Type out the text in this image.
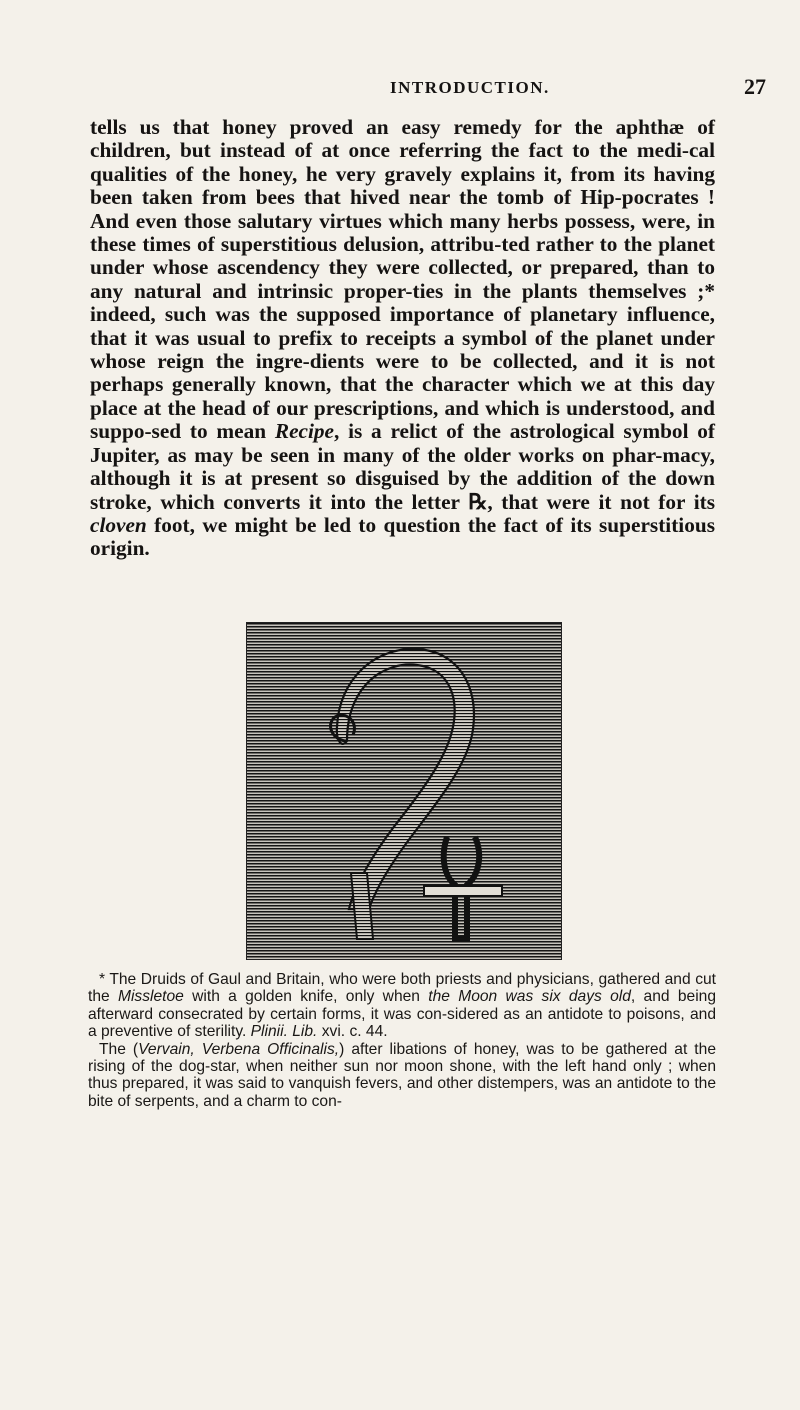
INTRODUCTION.	27

tells us that honey proved an easy remedy for the aphthæ of children, but instead of at once referring the fact to the medi-cal qualities of the honey, he very gravely explains it, from its having been taken from bees that hived near the tomb of Hip-pocrates ! And even those salutary virtues which many herbs possess, were, in these times of superstitious delusion, attribu-ted rather to the planet under whose ascendency they were collected, or prepared, than to any natural and intrinsic proper-ties in the plants themselves ;* indeed, such was the supposed importance of planetary influence, that it was usual to prefix to receipts a symbol of the planet under whose reign the ingre-dients were to be collected, and it is not perhaps generally known, that the character which we at this day place at the head of our prescriptions, and which is understood, and suppo-sed to mean Recipe, is a relict of the astrological symbol of Jupiter, as may be seen in many of the older works on phar-macy, although it is at present so disguised by the addition of the down stroke, which converts it into the letter ℞, that were it not for its cloven foot, we might be led to question the fact of its superstitious origin.

* The Druids of Gaul and Britain, who were both priests and physicians, gathered and cut the Missletoe with a golden knife, only when the Moon was six days old, and being afterward consecrated by certain forms, it was con-sidered as an antidote to poisons, and a preventive of sterility. Plinii. Lib. xvi. c. 44.

The (Vervain, Verbena Officinalis,) after libations of honey, was to be gathered at the rising of the dog-star, when neither sun nor moon shone, with the left hand only ; when thus prepared, it was said to vanquish fevers, and other distempers, was an antidote to the bite of serpents, and a charm to con-
